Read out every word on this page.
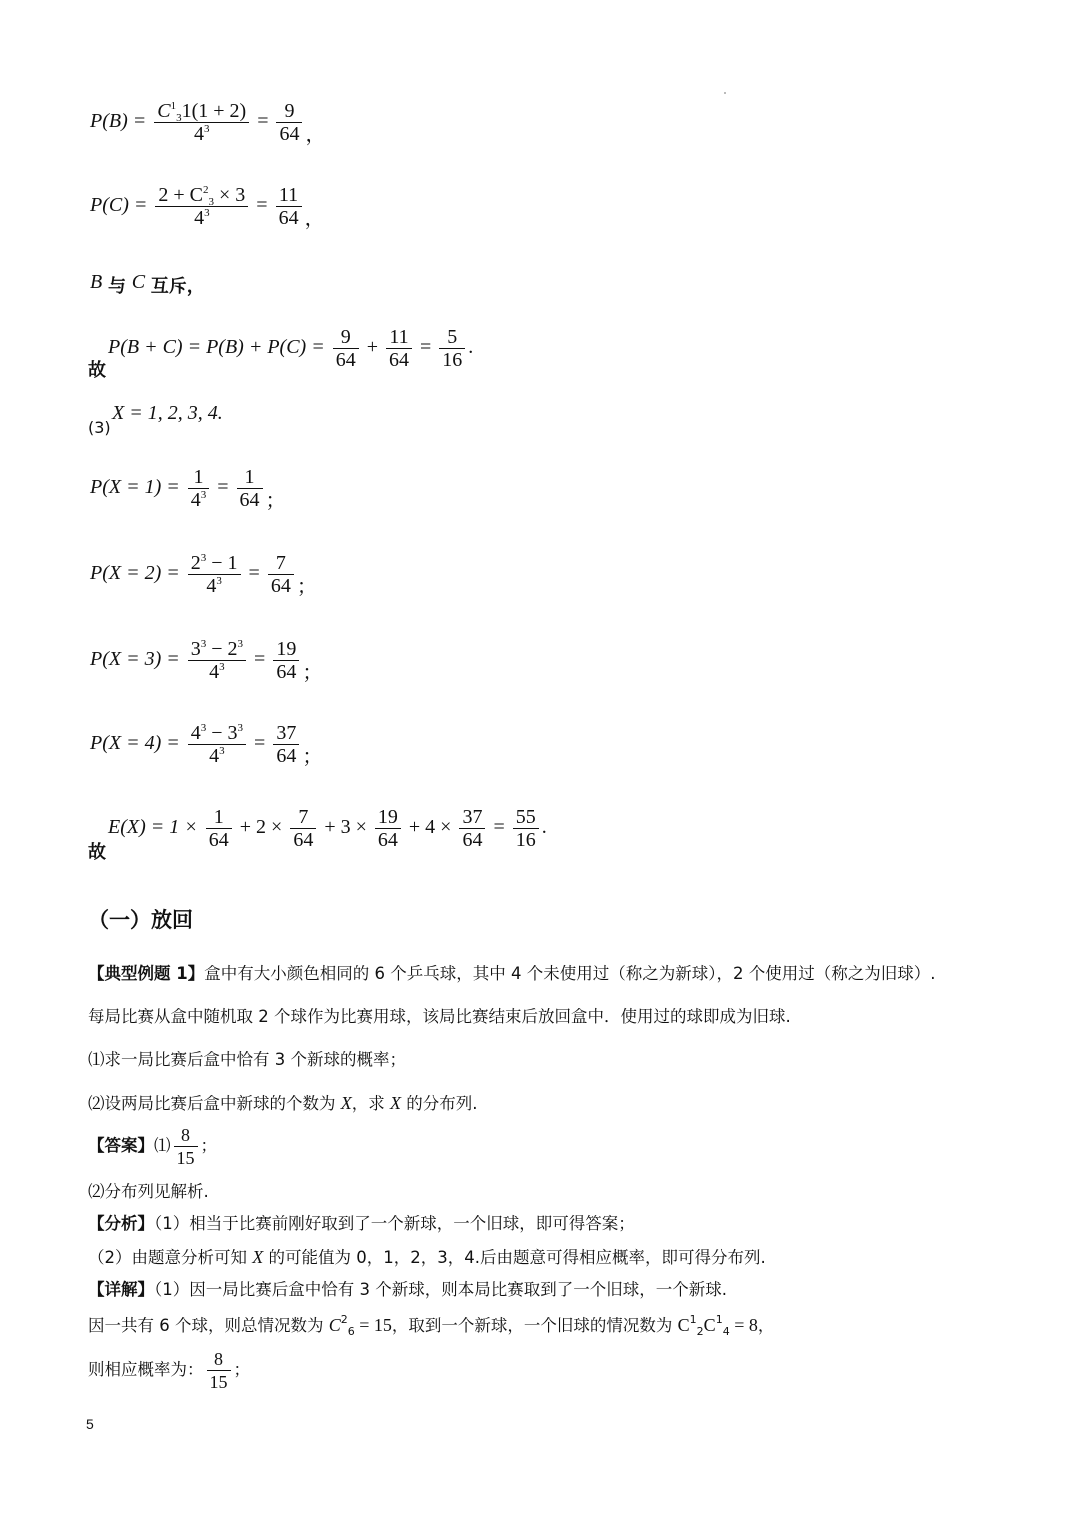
$P(B) = \frac{C^1_31(1 + 2)}{4^3} = \frac{9}{64}$ ，
$P(C) = \frac{2 + C^2_3 \times 3}{4^3} = \frac{11}{64}$ ，
B 与 C 互斥，
$P(B + C) = P(B) + P(C) = \frac{9}{64} + \frac{11}{64} = \frac{5}{16}$ .
故
X = 1, 2, 3, 4.
(3)
$P(X = 1) = \frac{1}{4^3} = \frac{1}{64}$ ；
$P(X = 2) = \frac{2^3 - 1}{4^3} = \frac{7}{64}$ ；
$P(X = 3) = \frac{3^3 - 2^3}{4^3} = \frac{19}{64}$ ；
$P(X = 4) = \frac{4^3 - 3^3}{4^3} = \frac{37}{64}$ ；
$E(X) = 1 \times \frac{1}{64} + 2 \times \frac{7}{64} + 3 \times \frac{19}{64} + 4 \times \frac{37}{64} = \frac{55}{16}$ .
故
（一）放回
【典型例题 1】盒中有大小颜色相同的 6 个乒乓球，其中 4 个未使用过（称之为新球），2 个使用过（称之为旧球）.
每局比赛从盒中随机取 2 个球作为比赛用球，该局比赛结束后放回盒中．使用过的球即成为旧球.
⑴求一局比赛后盒中恰有 3 个新球的概率；
⑵设两局比赛后盒中新球的个数为 X，求 X 的分布列.
【答案】⑴ $\frac{8}{15}$ ；
⑵分布列见解析.
【分析】（1）相当于比赛前刚好取到了一个新球，一个旧球，即可得答案；
（2）由题意分析可知 X 的可能值为 0，1，2，3，4.后由题意可得相应概率，即可得分布列.
【详解】（1）因一局比赛后盒中恰有 3 个新球，则本局比赛取到了一个旧球，一个新球.
因一共有 6 个球，则总情况数为 $C^2_6 = 15$，取到一个新球，一个旧球的情况数为 $C^1_2C^1_4 = 8$，
则相应概率为： $\frac{8}{15}$ ；
5
